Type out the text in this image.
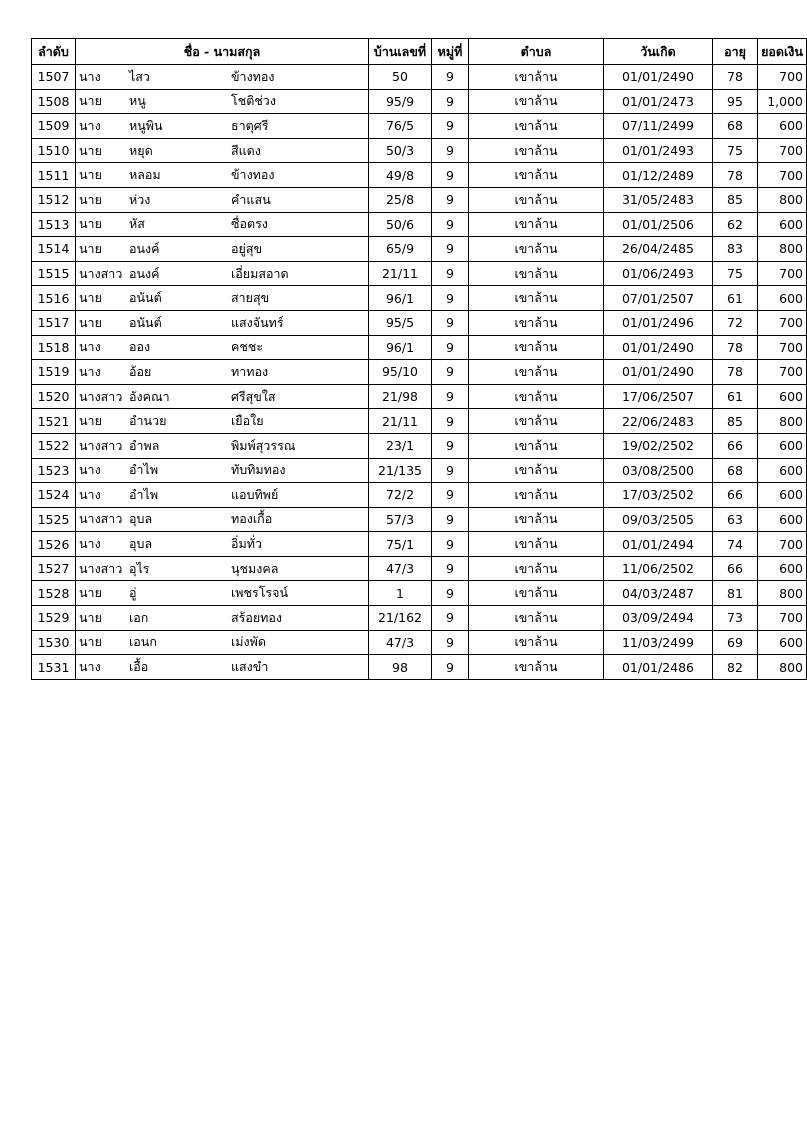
ลำดับ	ชื่อ - นามสกุล	บ้านเลขที่	หมู่ที่	ตำบล	วันเกิด	อายุ	ยอดเงิน
1507	นาง ไสว ข้างทอง	50	9	เขาล้าน	01/01/2490	78	700
1508	นาย หนู โชติช่วง	95/9	9	เขาล้าน	01/01/2473	95	1,000
1509	นาง หนูพิน ธาตุศรี	76/5	9	เขาล้าน	07/11/2499	68	600
1510	นาย หยุด สีแดง	50/3	9	เขาล้าน	01/01/2493	75	700
1511	นาย หลอม ข้างทอง	49/8	9	เขาล้าน	01/12/2489	78	700
1512	นาย ห่วง คำแสน	25/8	9	เขาล้าน	31/05/2483	85	800
1513	นาย หัส ซื่อตรง	50/6	9	เขาล้าน	01/01/2506	62	600
1514	นาย อนงค์ อยู่สุข	65/9	9	เขาล้าน	26/04/2485	83	800
1515	นางสาว อนงค์ เอี่ยมสอาด	21/11	9	เขาล้าน	01/06/2493	75	700
1516	นาย อนันต์ สายสุข	96/1	9	เขาล้าน	07/01/2507	61	600
1517	นาย อนันต์ แสงจันทร์	95/5	9	เขาล้าน	01/01/2496	72	700
1518	นาง ออง คชชะ	96/1	9	เขาล้าน	01/01/2490	78	700
1519	นาง อ้อย ทาทอง	95/10	9	เขาล้าน	01/01/2490	78	700
1520	นางสาว อังคณา ศรีสุขใส	21/98	9	เขาล้าน	17/06/2507	61	600
1521	นาย อำนวย เยือใย	21/11	9	เขาล้าน	22/06/2483	85	800
1522	นางสาว อำพล พิมพ์สุวรรณ	23/1	9	เขาล้าน	19/02/2502	66	600
1523	นาง อำไพ ทับทิมทอง	21/135	9	เขาล้าน	03/08/2500	68	600
1524	นาง อำไพ แอบทิพย์	72/2	9	เขาล้าน	17/03/2502	66	600
1525	นางสาว อุบล ทองเกื้อ	57/3	9	เขาล้าน	09/03/2505	63	600
1526	นาง อุบล อิ่มทั่ว	75/1	9	เขาล้าน	01/01/2494	74	700
1527	นางสาว อุไร นุชมงคล	47/3	9	เขาล้าน	11/06/2502	66	600
1528	นาย อู่ เพชรโรจน์	1	9	เขาล้าน	04/03/2487	81	800
1529	นาย เอก สร้อยทอง	21/162	9	เขาล้าน	03/09/2494	73	700
1530	นาย เอนก เม่งพัด	47/3	9	เขาล้าน	11/03/2499	69	600
1531	นาง เอื้อ แสงขำ	98	9	เขาล้าน	01/01/2486	82	800
